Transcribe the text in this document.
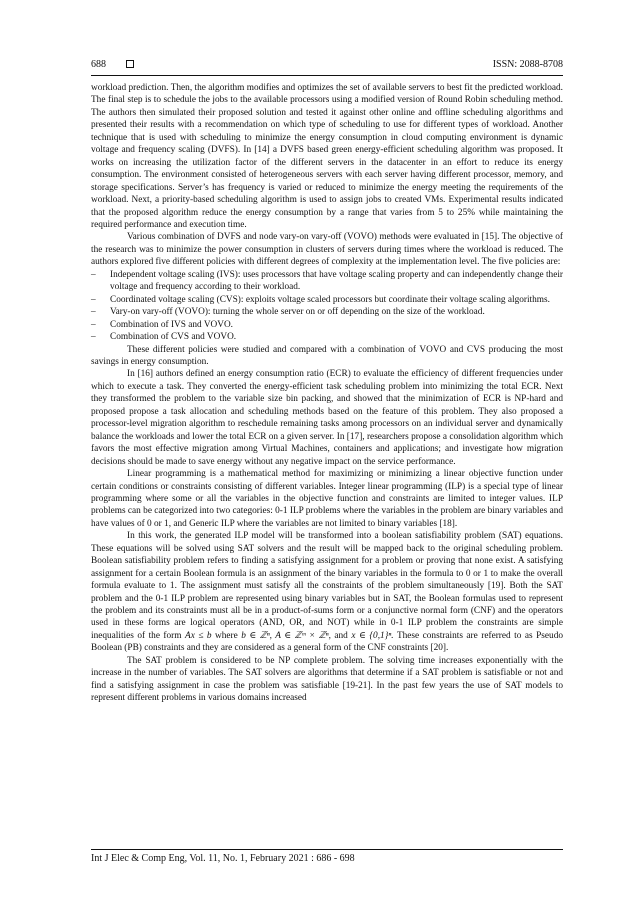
688	ISSN: 2088-8708

workload prediction. Then, the algorithm modifies and optimizes the set of available servers to best fit the predicted workload. The final step is to schedule the jobs to the available processors using a modified version of Round Robin scheduling method. The authors then simulated their proposed solution and tested it against other online and offline scheduling algorithms and presented their results with a recommendation on which type of scheduling to use for different types of workload. Another technique that is used with scheduling to minimize the energy consumption in cloud computing environment is dynamic voltage and frequency scaling (DVFS). In [14] a DVFS based green energy-efficient scheduling algorithm was proposed. It works on increasing the utilization factor of the different servers in the datacenter in an effort to reduce its energy consumption. The environment consisted of heterogeneous servers with each server having different processor, memory, and storage specifications. Server’s has frequency is varied or reduced to minimize the energy meeting the requirements of the workload. Next, a priority-based scheduling algorithm is used to assign jobs to created VMs. Experimental results indicated that the proposed algorithm reduce the energy consumption by a range that varies from 5 to 25% while maintaining the required performance and execution time.

Various combination of DVFS and node vary-on vary-off (VOVO) methods were evaluated in [15]. The objective of the research was to minimize the power consumption in clusters of servers during times where the workload is reduced. The authors explored five different policies with different degrees of complexity at the implementation level. The five policies are:

– Independent voltage scaling (IVS): uses processors that have voltage scaling property and can independently change their voltage and frequency according to their workload.
– Coordinated voltage scaling (CVS): exploits voltage scaled processors but coordinate their voltage scaling algorithms.
– Vary-on vary-off (VOVO): turning the whole server on or off depending on the size of the workload.
– Combination of IVS and VOVO.
– Combination of CVS and VOVO.

These different policies were studied and compared with a combination of VOVO and CVS producing the most savings in energy consumption.

In [16] authors defined an energy consumption ratio (ECR) to evaluate the efficiency of different frequencies under which to execute a task. They converted the energy-efficient task scheduling problem into minimizing the total ECR. Next they transformed the problem to the variable size bin packing, and showed that the minimization of ECR is NP-hard and proposed propose a task allocation and scheduling methods based on the feature of this problem. They also proposed a processor-level migration algorithm to reschedule remaining tasks among processors on an individual server and dynamically balance the workloads and lower the total ECR on a given server. In [17], researchers propose a consolidation algorithm which favors the most effective migration among Virtual Machines, containers and applications; and investigate how migration decisions should be made to save energy without any negative impact on the service performance.

Linear programming is a mathematical method for maximizing or minimizing a linear objective function under certain conditions or constraints consisting of different variables. Integer linear programming (ILP) is a special type of linear programming where some or all the variables in the objective function and constraints are limited to integer values. ILP problems can be categorized into two categories: 0-1 ILP problems where the variables in the problem are binary variables and have values of 0 or 1, and Generic ILP where the variables are not limited to binary variables [18].

In this work, the generated ILP model will be transformed into a boolean satisfiability problem (SAT) equations. These equations will be solved using SAT solvers and the result will be mapped back to the original scheduling problem. Boolean satisfiability problem refers to finding a satisfying assignment for a problem or proving that none exist. A satisfying assignment for a certain Boolean formula is an assignment of the binary variables in the formula to 0 or 1 to make the overall formula evaluate to 1. The assignment must satisfy all the constraints of the problem simultaneously [19]. Both the SAT problem and the 0-1 ILP problem are represented using binary variables but in SAT, the Boolean formulas used to represent the problem and its constraints must all be in a product-of-sums form or a conjunctive normal form (CNF) and the operators used in these forms are logical operators (AND, OR, and NOT) while in 0-1 ILP problem the constraints are simple inequalities of the form Ax ≤ b where b ∈ ℤⁿ, A ∈ ℤᵐ × ℤⁿ, and x ∈ {0,1}ⁿ. These constraints are referred to as Pseudo Boolean (PB) constraints and they are considered as a general form of the CNF constraints [20].

The SAT problem is considered to be NP complete problem. The solving time increases exponentially with the increase in the number of variables. The SAT solvers are algorithms that determine if a SAT problem is satisfiable or not and find a satisfying assignment in case the problem was satisfiable [19-21]. In the past few years the use of SAT models to represent different problems in various domains increased

Int J Elec & Comp Eng, Vol. 11, No. 1, February 2021 : 686 - 698
